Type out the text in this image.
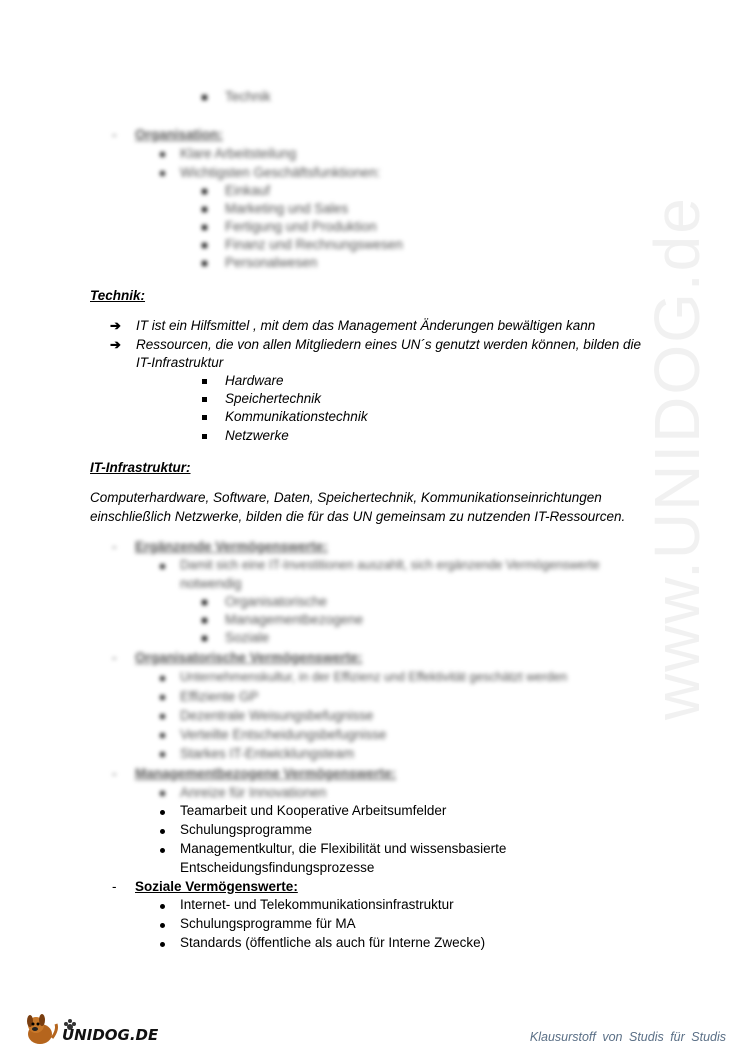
www.UNIDOG.de
Technik
- Organisation:
Klare Arbeitsteilung
Wichtigsten Geschäftsfunktionen:
Einkauf
Marketing und Sales
Fertigung und Produktion
Finanz und Rechnungswesen
Personalwesen
Technik:
➔ IT ist ein Hilfsmittel , mit dem das Management Änderungen bewältigen kann
➔ Ressourcen, die von allen Mitgliedern eines UN´s genutzt werden können, bilden die
IT-Infrastruktur
Hardware
Speichertechnik
Kommunikationstechnik
Netzwerke
IT-Infrastruktur:
Computerhardware, Software, Daten, Speichertechnik, Kommunikationseinrichtungen
einschließlich Netzwerke, bilden die für das UN gemeinsam zu nutzenden IT-Ressourcen.
- Ergänzende Vermögenswerte:
Damit sich eine IT-Investitionen auszahlt, sich ergänzende Vermögenswerte
notwendig
Organisatorische
Managementbezogene
Soziale
- Organisatorische Vermögenswerte:
Unternehmenskultur, in der Effizienz und Effektivität geschätzt werden
Effiziente GP
Dezentrale Weisungsbefugnisse
Verteilte Entscheidungsbefugnisse
Starkes IT-Entwicklungsteam
- Managementbezogene Vermögenswerte:
Anreize für Innovationen
Teamarbeit und Kooperative Arbeitsumfelder
Schulungsprogramme
Managementkultur, die Flexibilität und wissensbasierte
Entscheidungsfindungsprozesse
- Soziale Vermögenswerte:
Internet- und Telekommunikationsinfrastruktur
Schulungsprogramme für MA
Standards (öffentliche als auch für Interne Zwecke)
UNIDOG.DE	Klausurstoff von Studis für Studis
